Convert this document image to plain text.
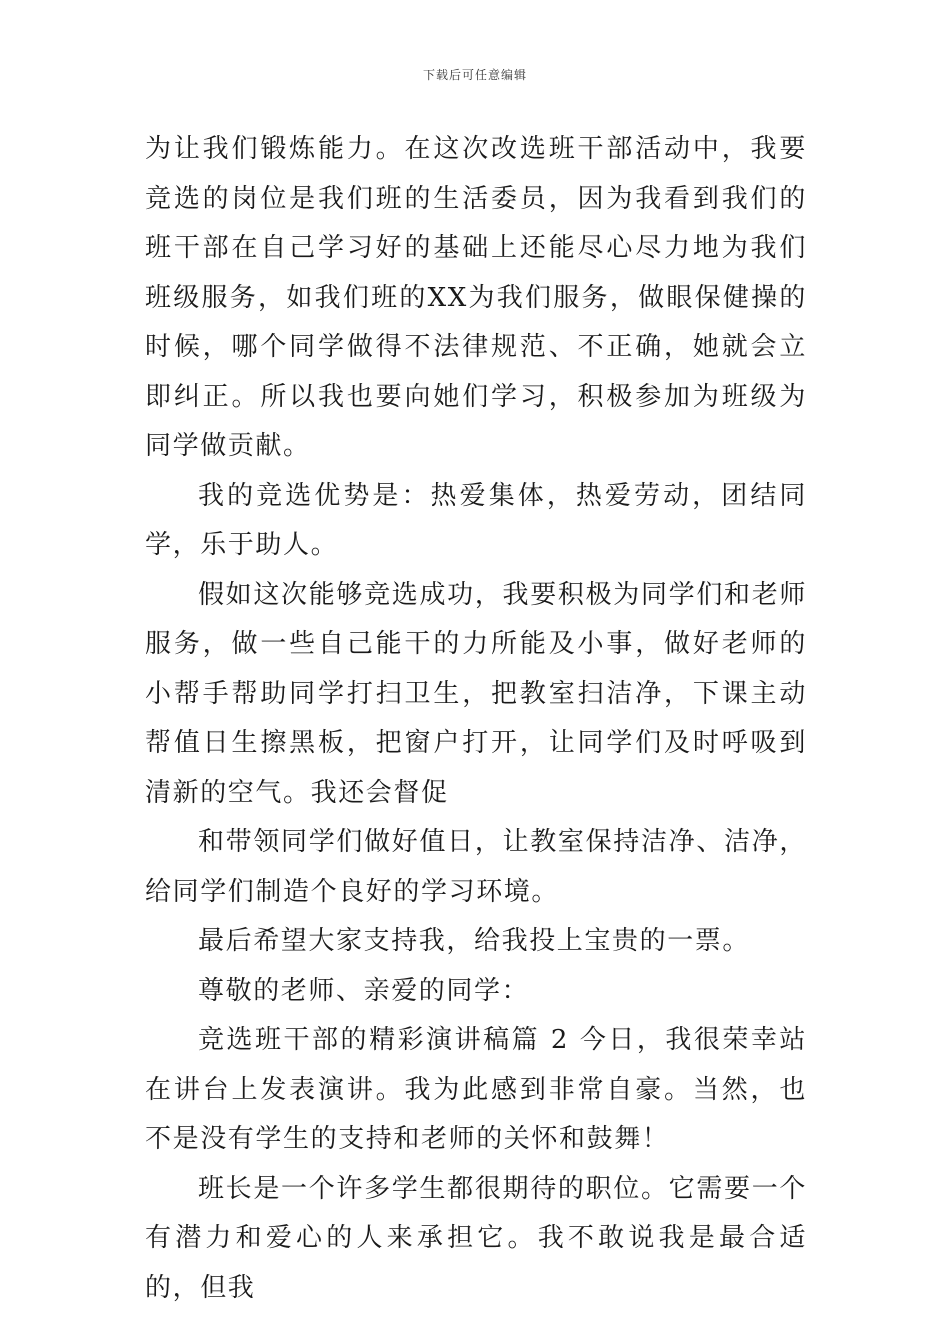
下载后可任意编辑

为让我们锻炼能力。在这次改选班干部活动中，我要竞选的岗位是我们班的生活委员，因为我看到我们的班干部在自己学习好的基础上还能尽心尽力地为我们班级服务，如我们班的XX为我们服务，做眼保健操的时候，哪个同学做得不法律规范、不正确，她就会立即纠正。所以我也要向她们学习，积极参加为班级为同学做贡献。

我的竞选优势是：热爱集体，热爱劳动，团结同学，乐于助人。

假如这次能够竞选成功，我要积极为同学们和老师服务，做一些自己能干的力所能及小事，做好老师的小帮手帮助同学打扫卫生，把教室扫洁净，下课主动帮值日生擦黑板，把窗户打开，让同学们及时呼吸到清新的空气。我还会督促

和带领同学们做好值日，让教室保持洁净、洁净，给同学们制造个良好的学习环境。

最后希望大家支持我，给我投上宝贵的一票。

尊敬的老师、亲爱的同学：

竞选班干部的精彩演讲稿篇 2 今日，我很荣幸站在讲台上发表演讲。我为此感到非常自豪。当然，也不是没有学生的支持和老师的关怀和鼓舞！

班长是一个许多学生都很期待的职位。它需要一个有潜力和爱心的人来承担它。我不敢说我是最合适的，但我
